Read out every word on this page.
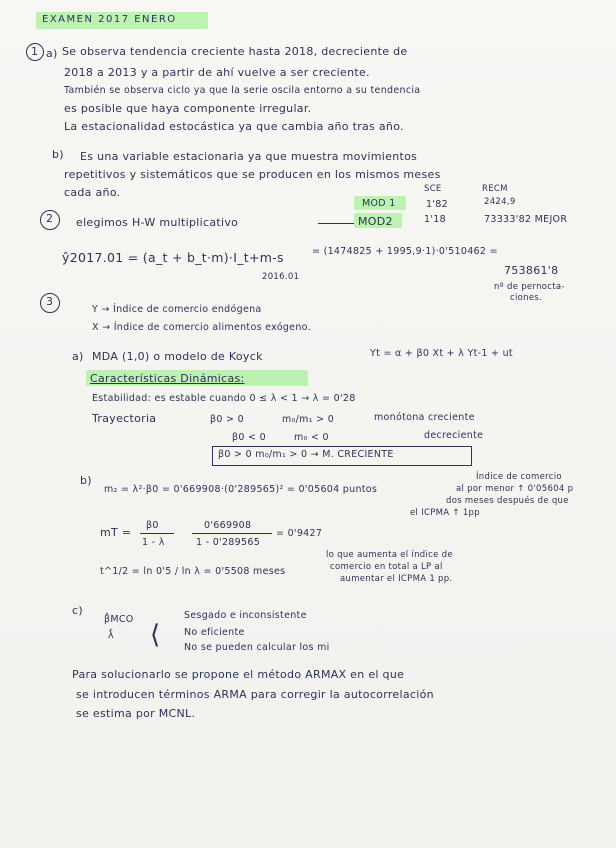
EXAMEN 2017 ENERO
1 a) Se observa tendencia creciente hasta 2018, decreciente de
2018 a 2013 y a partir de ahí vuelve a ser creciente.
También se observa ciclo ya que la serie oscila entorno a su tendencia
es posible que haya componente irregular.
La estacionalidad estocástica ya que cambia año tras año.
b) Es una variable estacionaria ya que muestra movimientos
repetitivos y sistemáticos que se producen en los mismos meses
cada año.	SCE	RECM
MOD 1	1'82	2424,9
2 elegimos H-W multiplicativo	MOD2	1'18	73333'82 MEJOR
ŷ2017.01 = (a_t + b_t·m)·I_t+m-s
2016.01
= (1474825 + 1995,9·1)·0'510462 =
753861'8
nº de pernocta-
ciones.
3
Y → Índice de comercio endógena
X → Índice de comercio alimentos exógeno.
a) MDA (1,0) o modelo de Koyck	Yt = α + β0 Xt + λ Yt-1 + ut
Características Dinámicas:
Estabilidad: es estable cuando 0 ≤ λ < 1 → λ = 0'28
Trayectoria	β0 > 0	m₀/m₁ > 0	monótona creciente
β0 < 0	m₀ < 0	decreciente
β0 > 0 m₀/m₁ > 0 → M. CRECIENTE
b)
m₂ = λ²·β0 = 0'669908·(0'289565)² = 0'05604 puntos
Índice de comercio
al por menor ↑ 0'05604 p
dos meses después de que
el ICPMA ↑ 1pp
mT =
β0
1 - λ
0'669908
1 - 0'289565
= 0'9427
lo que aumenta el índice de
comercio en total a LP al
aumentar el ICPMA 1 pp.
t^1/2 = ln 0'5 / ln λ = 0'5508 meses
c)
β̂MCO
λ̂ ⟨
Sesgado e inconsistente
No eficiente
No se pueden calcular los mi
Para solucionarlo se propone el método ARMAX en el que
se introducen términos ARMA para corregir la autocorrelación
se estima por MCNL.
